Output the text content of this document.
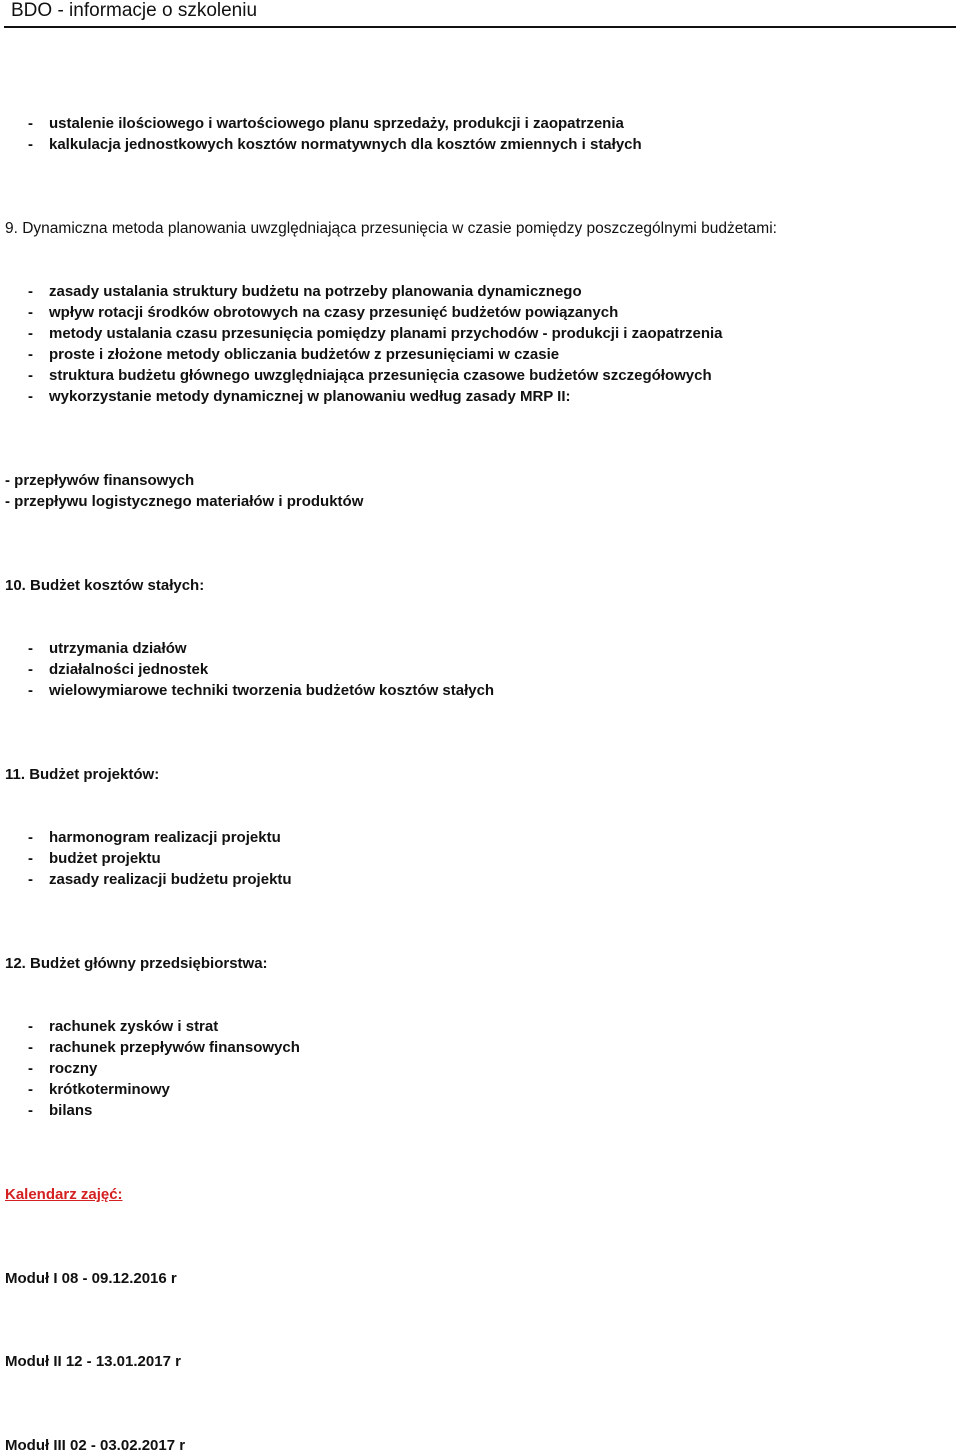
BDO - informacje o szkoleniu
- ustalenie ilościowego i wartościowego planu sprzedaży, produkcji i zaopatrzenia
- kalkulacja jednostkowych kosztów normatywnych dla kosztów zmiennych i stałych
9. Dynamiczna metoda planowania uwzględniająca przesunięcia w czasie pomiędzy poszczególnymi budżetami:
- zasady ustalania struktury budżetu na potrzeby planowania dynamicznego
- wpływ rotacji środków obrotowych na czasy przesunięć budżetów powiązanych
- metody ustalania czasu przesunięcia pomiędzy planami przychodów - produkcji i zaopatrzenia
- proste i złożone metody obliczania budżetów z przesunięciami w czasie
- struktura budżetu głównego uwzględniająca przesunięcia czasowe budżetów szczegółowych
- wykorzystanie metody dynamicznej w planowaniu według zasady MRP II:
- przepływów finansowych
- przepływu logistycznego materiałów i produktów
10. Budżet kosztów stałych:
- utrzymania działów
- działalności jednostek
- wielowymiarowe techniki tworzenia budżetów kosztów stałych
11. Budżet projektów:
- harmonogram realizacji projektu
- budżet projektu
- zasady realizacji budżetu projektu
12. Budżet główny przedsiębiorstwa:
- rachunek zysków i strat
- rachunek przepływów finansowych
- roczny
- krótkoterminowy
- bilans
Kalendarz zajęć:
Moduł I 08 - 09.12.2016 r
Moduł II 12 - 13.01.2017 r
Moduł III 02 - 03.02.2017 r
